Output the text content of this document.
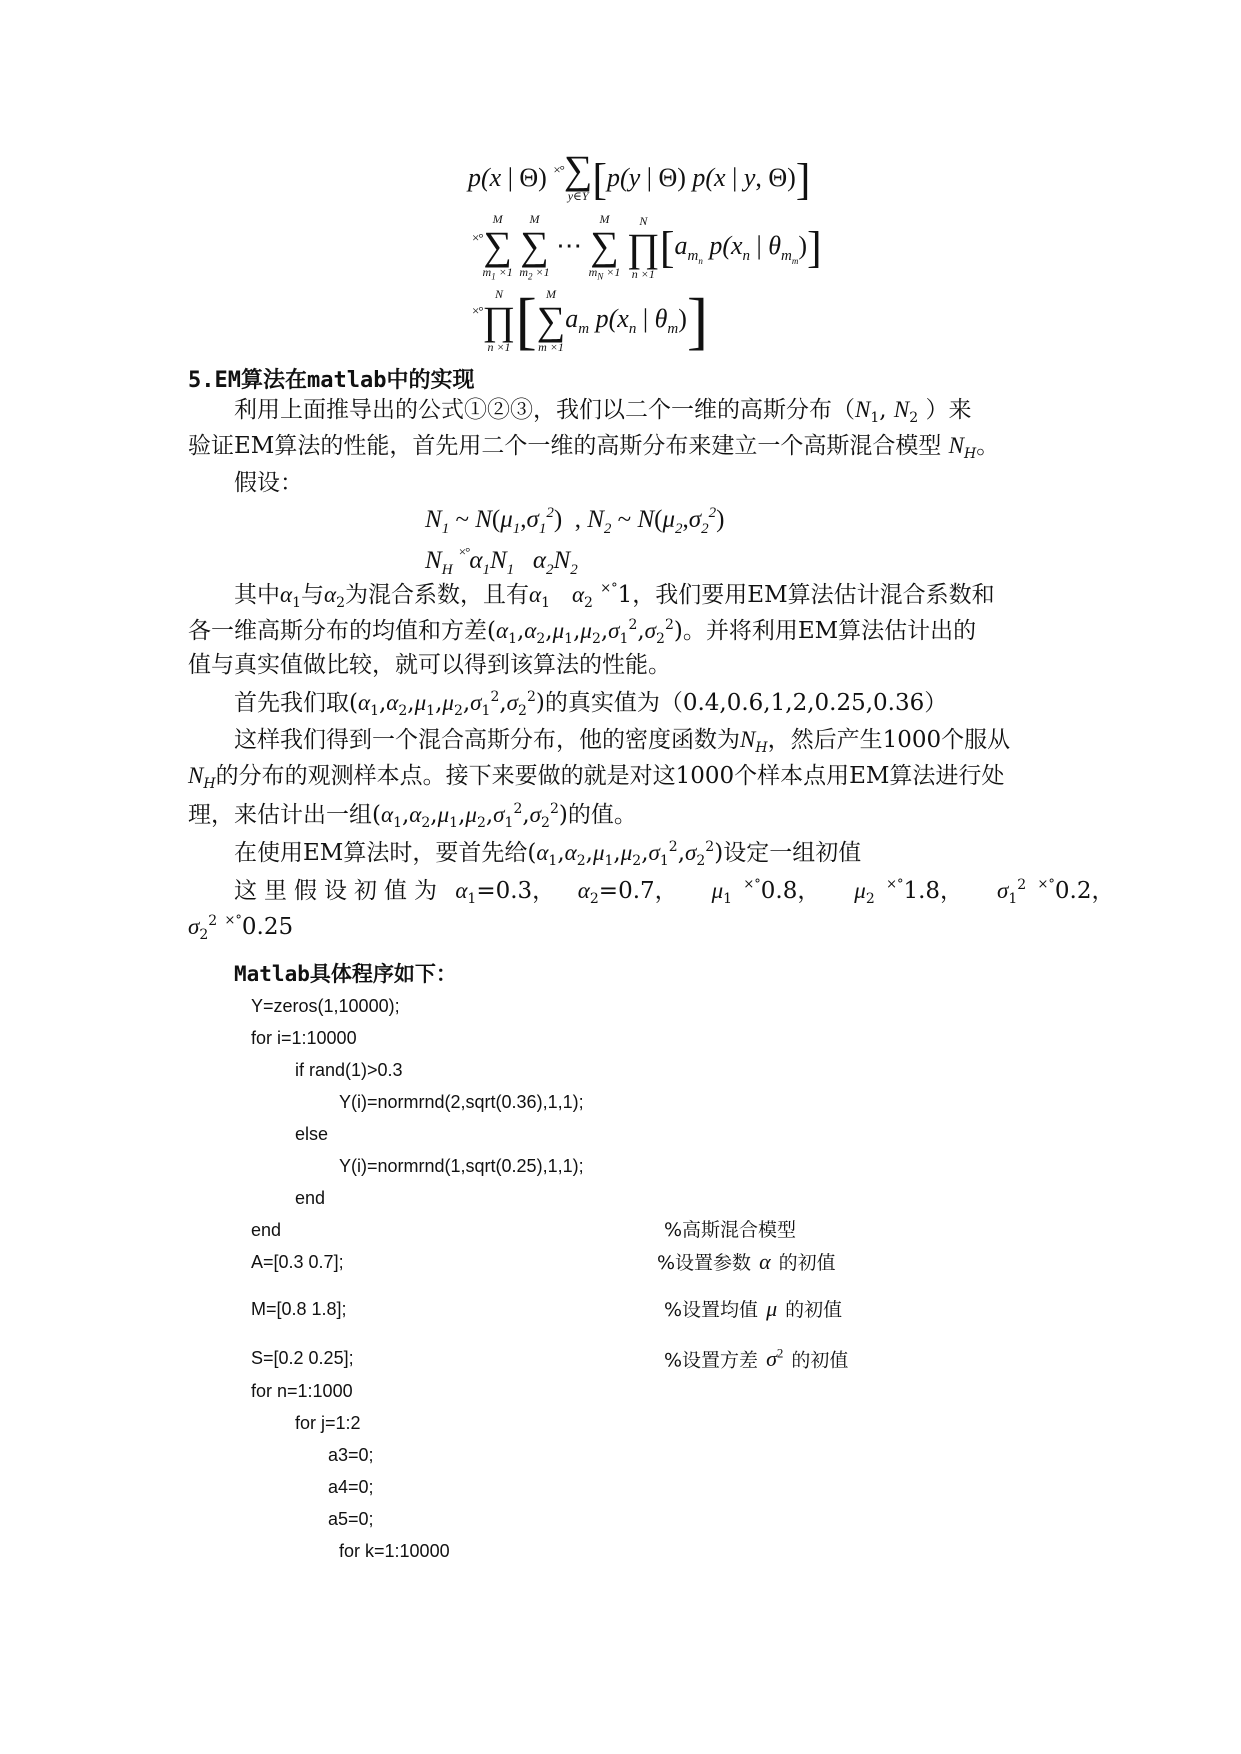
p(x | Θ) ×° ∑
y∈Y [p(y | Θ) p(x | y, Θ)]
×°
M
∑
$m_1 \times 1$

M
∑
$m_2 \times 1$
⋯
M
∑
$m_N \times 1$

N
∏
n ×1
[$a_{m_n}$ $p(x_n$ | $\theta_{m_m}$)]
×°
N
∏
n ×1 [ M
∑
m ×1
$a_m$ $p(x_n$ | $\theta_m$)]
5.EM算法在matlab中的实现
利用上面推导出的公式①②③，我们以二个一维的高斯分布（$N_1$, $N_2$ ）来
验证EM算法的性能，首先用二个一维的高斯分布来建立一个高斯混合模型 $N_H$。
假设：
$N_1$ ~ $N(\mu_1,\sigma_1^2)$  , $N_2$ ~ $N(\mu_2,\sigma_2^2)$
$N_H$ $^{\times^\circ}\alpha_1N_1$   $\alpha_2N_2$
其中$\alpha_1$与$\alpha_2$为混合系数，且有$\alpha_1$ $\alpha_2$ ×°1，我们要用EM算法估计混合系数和
各一维高斯分布的均值和方差$(\alpha_1,\alpha_2,\mu_1,\mu_2,\sigma_1^2,\sigma_2^2)$。并将利用EM算法估计出的
值与真实值做比较，就可以得到该算法的性能。
首先我们取$(\alpha_1,\alpha_2,\mu_1,\mu_2,\sigma_1^2,\sigma_2^2)$的真实值为（0.4,0.6,1,2,0.25,0.36）
这样我们得到一个混合高斯分布，他的密度函数为$N_H$，然后产生1000个服从
$N_H$的分布的观测样本点。接下来要做的就是对这1000个样本点用EM算法进行处
理，来估计出一组$(\alpha_1,\alpha_2,\mu_1,\mu_2,\sigma_1^2,\sigma_2^2)$的值。
在使用EM算法时，要首先给$(\alpha_1,\alpha_2,\mu_1,\mu_2,\sigma_1^2,\sigma_2^2)$设定一组初值
这里假设初值为 $\alpha_1=0.3$， $\alpha_2=0.7$， $\mu_1$ ×°0.8， $\mu_2$ ×°1.8， $\sigma_1^2$ ×°0.2，
$\sigma_2^2$ ×°0.25
Matlab具体程序如下：
Y=zeros(1,10000);
for i=1:10000
if rand(1)>0.3
Y(i)=normrnd(2,sqrt(0.36),1,1);
else
Y(i)=normrnd(1,sqrt(0.25),1,1);
end
end
A=[0.3 0.7];
M=[0.8 1.8];
S=[0.2 0.25];
for n=1:1000
for j=1:2
a3=0;
a4=0;
a5=0;
for k=1:10000
%高斯混合模型
%设置参数 α 的初值
%设置均值 μ 的初值
%设置方差 $\sigma^2$ 的初值
